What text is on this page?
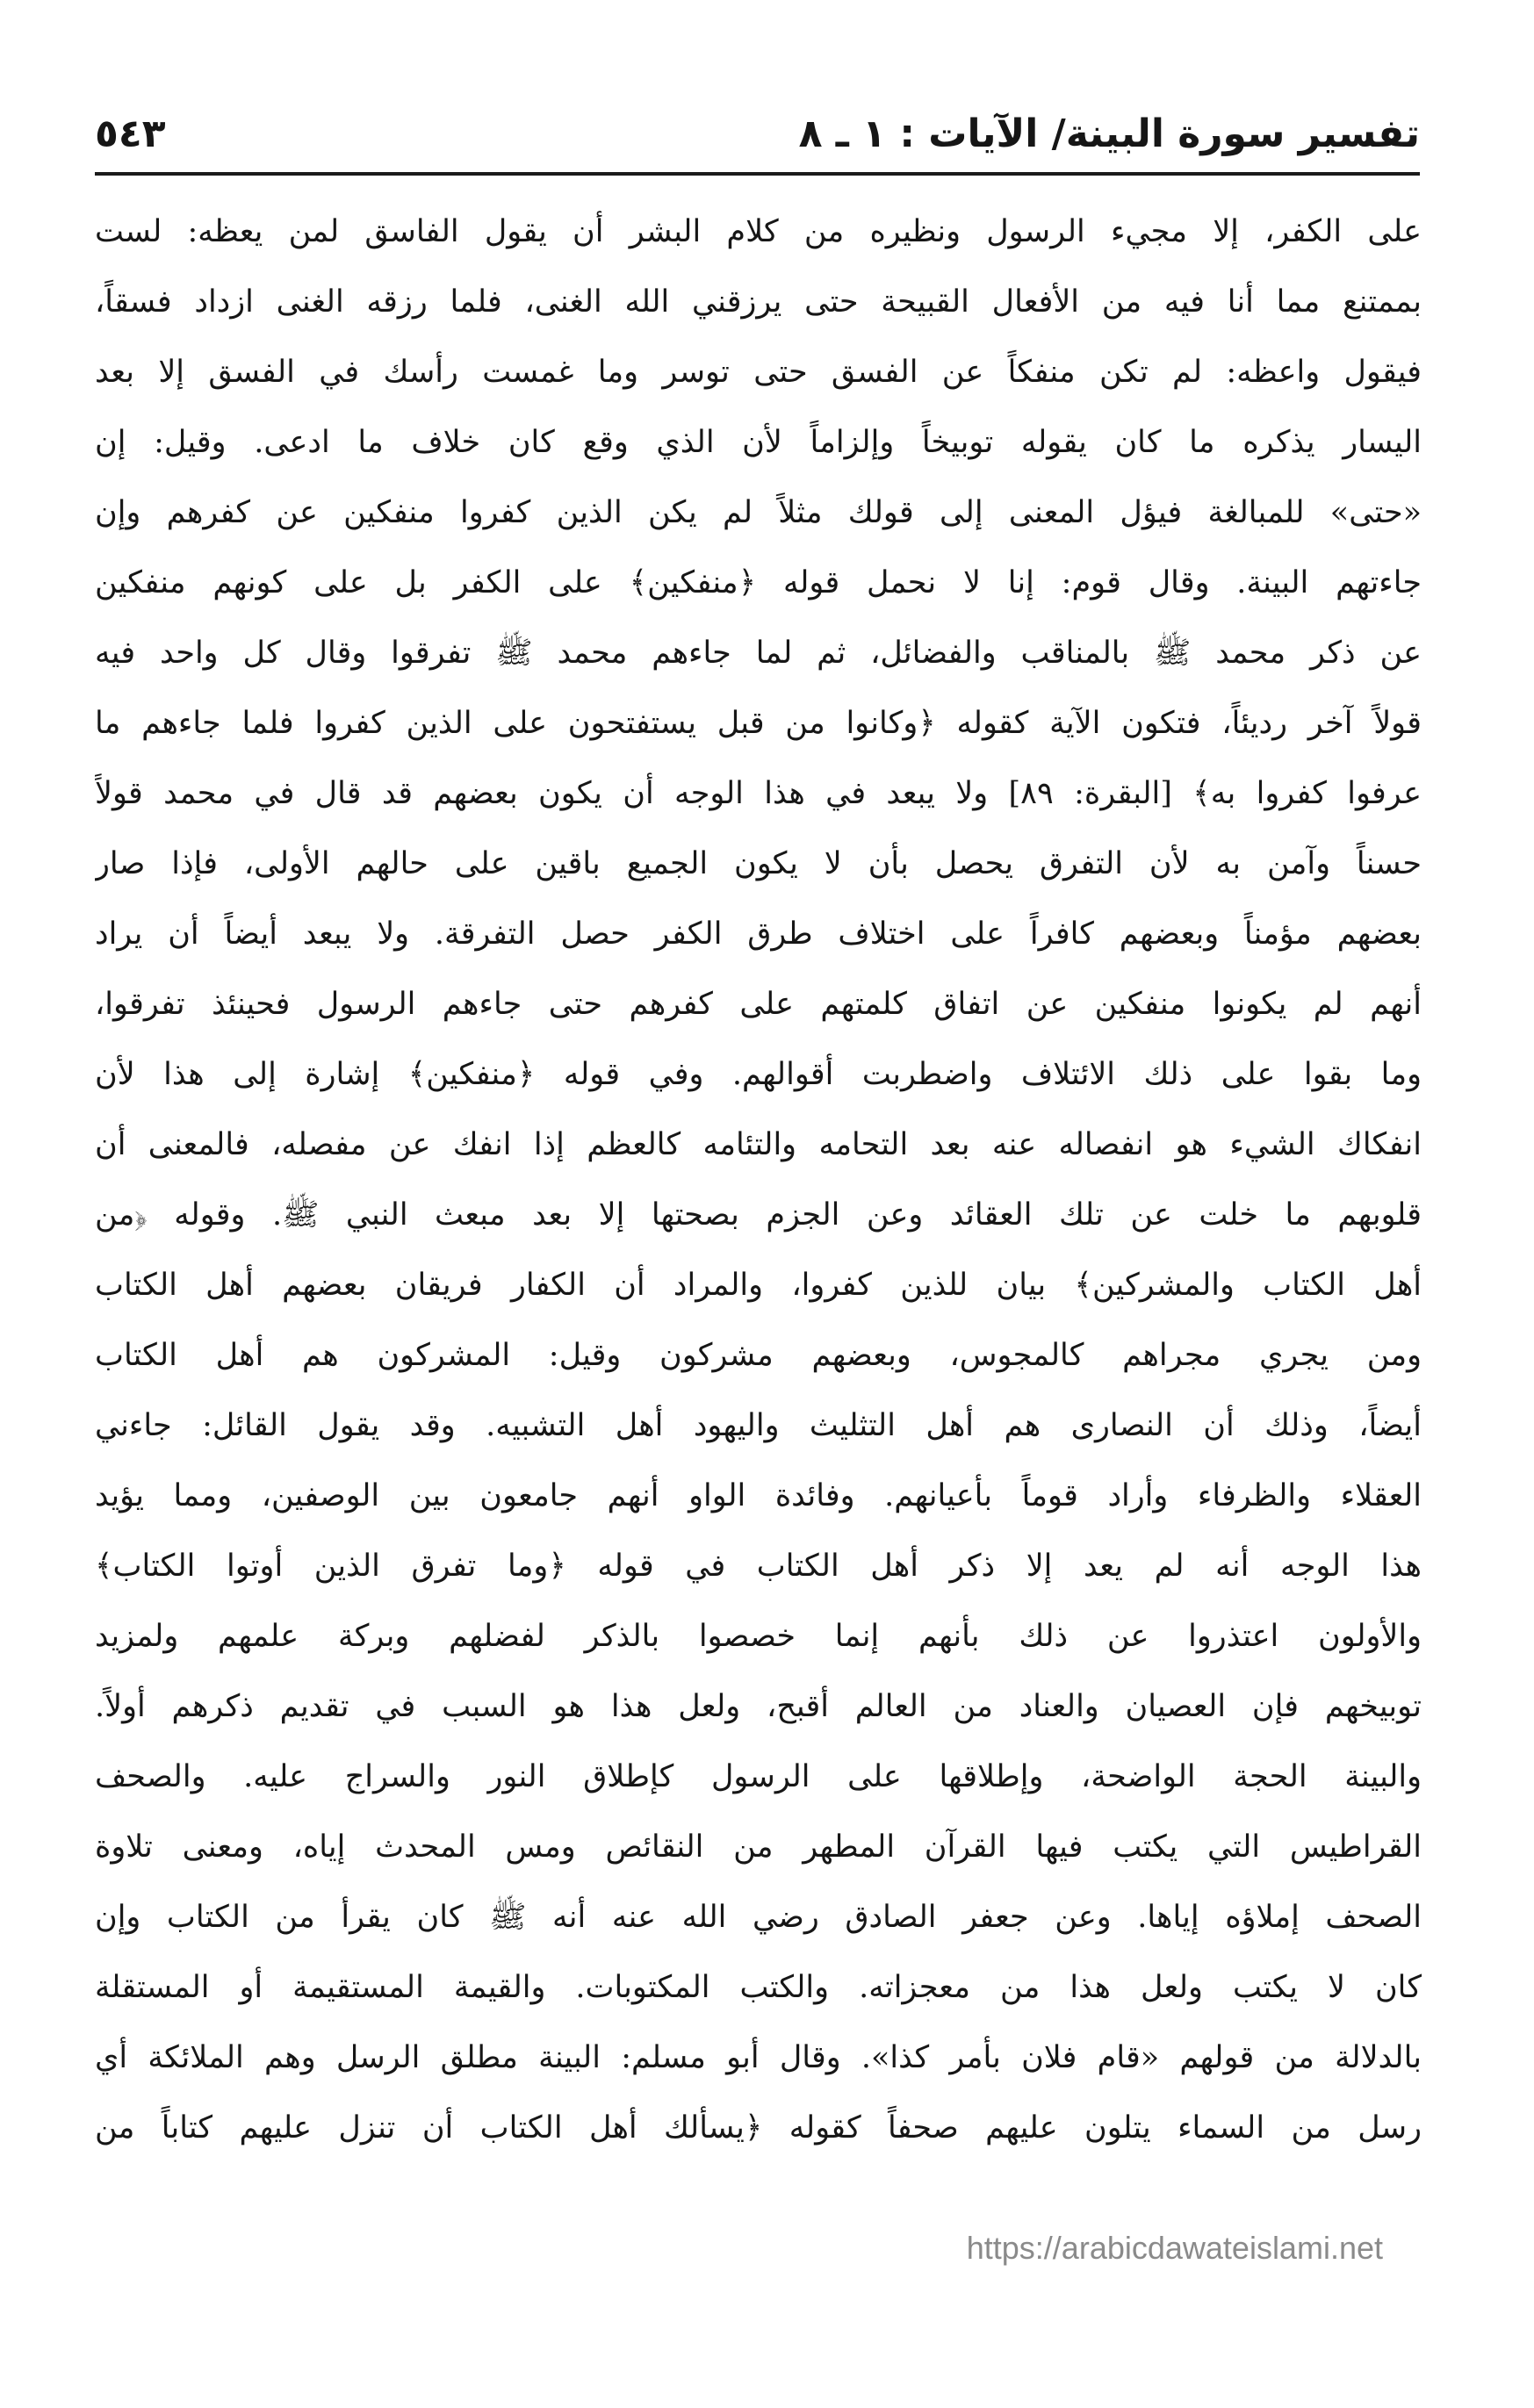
تفسير سورة البينة/ الآيات : ١ ـ ٨
٥٤٣
على الكفر، إلا مجيء الرسول ونظيره من كلام البشر أن يقول الفاسق لمن يعظه: لست
بممتنع مما أنا فيه من الأفعال القبيحة حتى يرزقني الله الغنى، فلما رزقه الغنى ازداد فسقاً،
فيقول واعظه: لم تكن منفكاً عن الفسق حتى توسر وما غمست رأسك في الفسق إلا بعد
اليسار يذكره ما كان يقوله توبيخاً وإلزاماً لأن الذي وقع كان خلاف ما ادعى. وقيل: إن
«حتى» للمبالغة فيؤل المعنى إلى قولك مثلاً لم يكن الذين كفروا منفكين عن كفرهم وإن
جاءتهم البينة. وقال قوم: إنا لا نحمل قوله ﴿منفكين﴾ على الكفر بل على كونهم منفكين
عن ذكر محمد ﷺ بالمناقب والفضائل، ثم لما جاءهم محمد ﷺ تفرقوا وقال كل واحد فيه
قولاً آخر رديئاً، فتكون الآية كقوله ﴿وكانوا من قبل يستفتحون على الذين كفروا فلما جاءهم ما
عرفوا كفروا به﴾ [البقرة: ٨٩] ولا يبعد في هذا الوجه أن يكون بعضهم قد قال في محمد قولاً
حسناً وآمن به لأن التفرق يحصل بأن لا يكون الجميع باقين على حالهم الأولى، فإذا صار
بعضهم مؤمناً وبعضهم كافراً على اختلاف طرق الكفر حصل التفرقة. ولا يبعد أيضاً أن يراد
أنهم لم يكونوا منفكين عن اتفاق كلمتهم على كفرهم حتى جاءهم الرسول فحينئذ تفرقوا،
وما بقوا على ذلك الائتلاف واضطربت أقوالهم. وفي قوله ﴿منفكين﴾ إشارة إلى هذا لأن
انفكاك الشيء هو انفصاله عنه بعد التحامه والتئامه كالعظم إذا انفك عن مفصله، فالمعنى أن
قلوبهم ما خلت عن تلك العقائد وعن الجزم بصحتها إلا بعد مبعث النبي ﷺ. وقوله ﴿من
أهل الكتاب والمشركين﴾ بيان للذين كفروا، والمراد أن الكفار فريقان بعضهم أهل الكتاب
ومن يجري مجراهم كالمجوس، وبعضهم مشركون وقيل: المشركون هم أهل الكتاب
أيضاً، وذلك أن النصارى هم أهل التثليث واليهود أهل التشبيه. وقد يقول القائل: جاءني
العقلاء والظرفاء وأراد قوماً بأعيانهم. وفائدة الواو أنهم جامعون بين الوصفين، ومما يؤيد
هذا الوجه أنه لم يعد إلا ذكر أهل الكتاب في قوله ﴿وما تفرق الذين أوتوا الكتاب﴾
والأولون اعتذروا عن ذلك بأنهم إنما خصصوا بالذكر لفضلهم وبركة علمهم ولمزيد
توبيخهم فإن العصيان والعناد من العالم أقبح، ولعل هذا هو السبب في تقديم ذكرهم أولاً.
والبينة الحجة الواضحة، وإطلاقها على الرسول كإطلاق النور والسراج عليه. والصحف
القراطيس التي يكتب فيها القرآن المطهر من النقائص ومس المحدث إياه، ومعنى تلاوة
الصحف إملاؤه إياها. وعن جعفر الصادق رضي الله عنه أنه ﷺ كان يقرأ من الكتاب وإن
كان لا يكتب ولعل هذا من معجزاته. والكتب المكتوبات. والقيمة المستقيمة أو المستقلة
بالدلالة من قولهم «قام فلان بأمر كذا». وقال أبو مسلم: البينة مطلق الرسل وهم الملائكة أي
رسل من السماء يتلون عليهم صحفاً كقوله ﴿يسألك أهل الكتاب أن تنزل عليهم كتاباً من
https://arabicdawateislami.net
